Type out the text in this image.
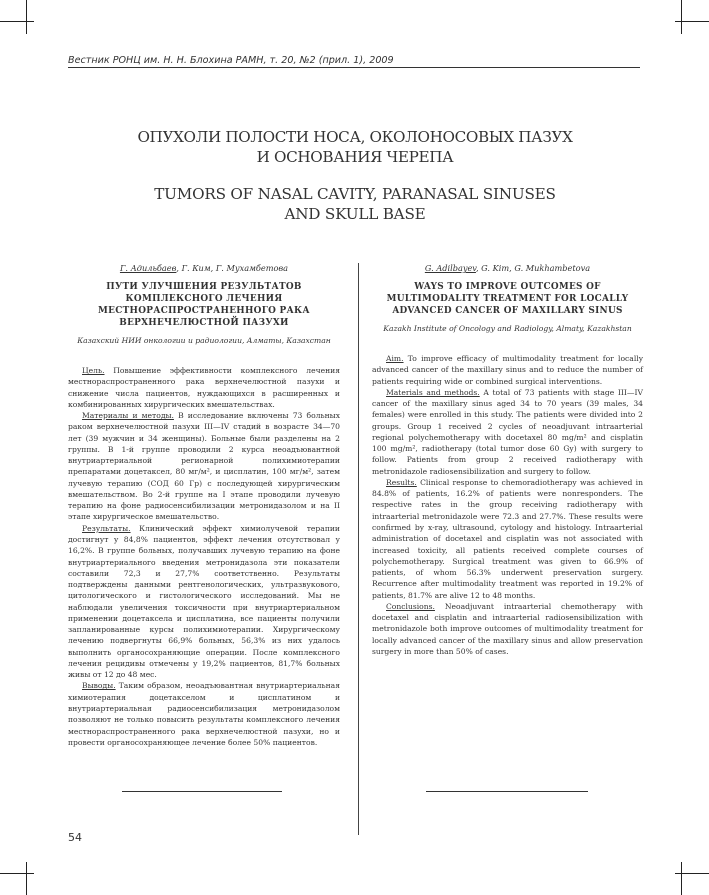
Вестник РОНЦ им. Н. Н. Блохина РАМН, т. 20, №2 (прил. 1), 2009
ОПУХОЛИ ПОЛОСТИ НОСА, ОКОЛОНОСОВЫХ ПАЗУХ
И ОСНОВАНИЯ ЧЕРЕПА
TUMORS OF NASAL CAVITY, PARANASAL SINUSES
AND SKULL BASE
Г. Адильбаев, Г. Ким, Г. Мухамбетова
ПУТИ УЛУЧШЕНИЯ РЕЗУЛЬТАТОВ
КОМПЛЕКСНОГО ЛЕЧЕНИЯ
МЕСТНОРАСПРОСТРАНЕННОГО РАКА
ВЕРХНЕЧЕЛЮСТНОЙ ПАЗУХИ
Казахский НИИ онкологии и радиологии, Алматы, Казахстан

Цель. Повышение эффективности комплексного лечения местнораспространенного рака верхнечелюстной пазухи и снижение числа пациентов, нуждающихся в расширенных и комбинированных хирургических вмешательствах.

Материалы и методы. В исследование включены 73 больных раком верхнечелюстной пазухи III—IV стадий в возрасте 34—70 лет (39 мужчин и 34 женщины). Больные были разделены на 2 группы. В 1-й группе проводили 2 курса неоадъювантной внутриартериальной регионарной полихимиотерапии препаратами доцетаксел, 80 мг/м², и цисплатин, 100 мг/м², затем лучевую терапию (СОД 60 Гр) с последующей хирургическим вмешательством. Во 2-й группе на I этапе проводили лучевую терапию на фоне радиосенсибилизации метронидазолом и на II этапе хирургическое вмешательство.

Результаты. Клинический эффект химиолучевой терапии достигнут у 84,8% пациентов, эффект лечения отсутствовал у 16,2%. В группе больных, получавших лучевую терапию на фоне внутриартериального введения метронидазола эти показатели составили 72,3 и 27,7% соответственно. Результаты подтверждены данными рентгенологических, ультразвукового, цитологического и гистологического исследований. Мы не наблюдали увеличения токсичности при внутриартериальном применении доцетаксела и цисплатина, все пациенты получили запланированные курсы полихимиотерапии. Хирургическому лечению подвергнуты 66,9% больных, 56,3% из них удалось выполнить органосохраняющие операции. После комплексного лечения рецидивы отмечены у 19,2% пациентов, 81,7% больных живы от 12 до 48 мес.

Выводы. Таким образом, неоадъювантная внутриартериальная химиотерапия доцетакселом и цисплатином и внутриартериальная радиосенсибилизация метронидазолом позволяют не только повысить результаты комплексного лечения местнораспространенного рака верхнечелюстной пазухи, но и провести органосохраняющее лечение более 50% пациентов.

G. Adilbayev, G. Kim, G. Mukhambetova
WAYS TO IMPROVE OUTCOMES OF
MULTIMODALITY TREATMENT FOR LOCALLY
ADVANCED CANCER OF MAXILLARY SINUS
Kazakh Institute of Oncology and Radiology, Almaty, Kazakhstan

Aim. To improve efficacy of multimodality treatment for locally advanced cancer of the maxillary sinus and to reduce the number of patients requiring wide or combined surgical interventions.

Materials and methods. A total of 73 patients with stage III—IV cancer of the maxillary sinus aged 34 to 70 years (39 males, 34 females) were enrolled in this study. The patients were divided into 2 groups. Group 1 received 2 cycles of neoadjuvant intraarterial regional polychemotherapy with docetaxel 80 mg/m² and cisplatin 100 mg/m², radiotherapy (total tumor dose 60 Gy) with surgery to follow. Patients from group 2 received radiotherapy with metronidazole radiosensibilization and surgery to follow.

Results. Clinical response to chemoradiotherapy was achieved in 84.8% of patients, 16.2% of patients were nonresponders. The respective rates in the group receiving radiotherapy with intraarterial metronidazole were 72.3 and 27.7%. These results were confirmed by x-ray, ultrasound, cytology and histology. Intraarterial administration of docetaxel and cisplatin was not associated with increased toxicity, all patients received complete courses of polychemotherapy. Surgical treatment was given to 66.9% of patients, of whom 56.3% underwent preservation surgery. Recurrence after multimodality treatment was reported in 19.2% of patients, 81.7% are alive 12 to 48 months.

Conclusions. Neoadjuvant intraarterial chemotherapy with docetaxel and cisplatin and intraarterial radiosensibilization with metronidazole both improve outcomes of multimodality treatment for locally advanced cancer of the maxillary sinus and allow preservation surgery in more than 50% of cases.

54
